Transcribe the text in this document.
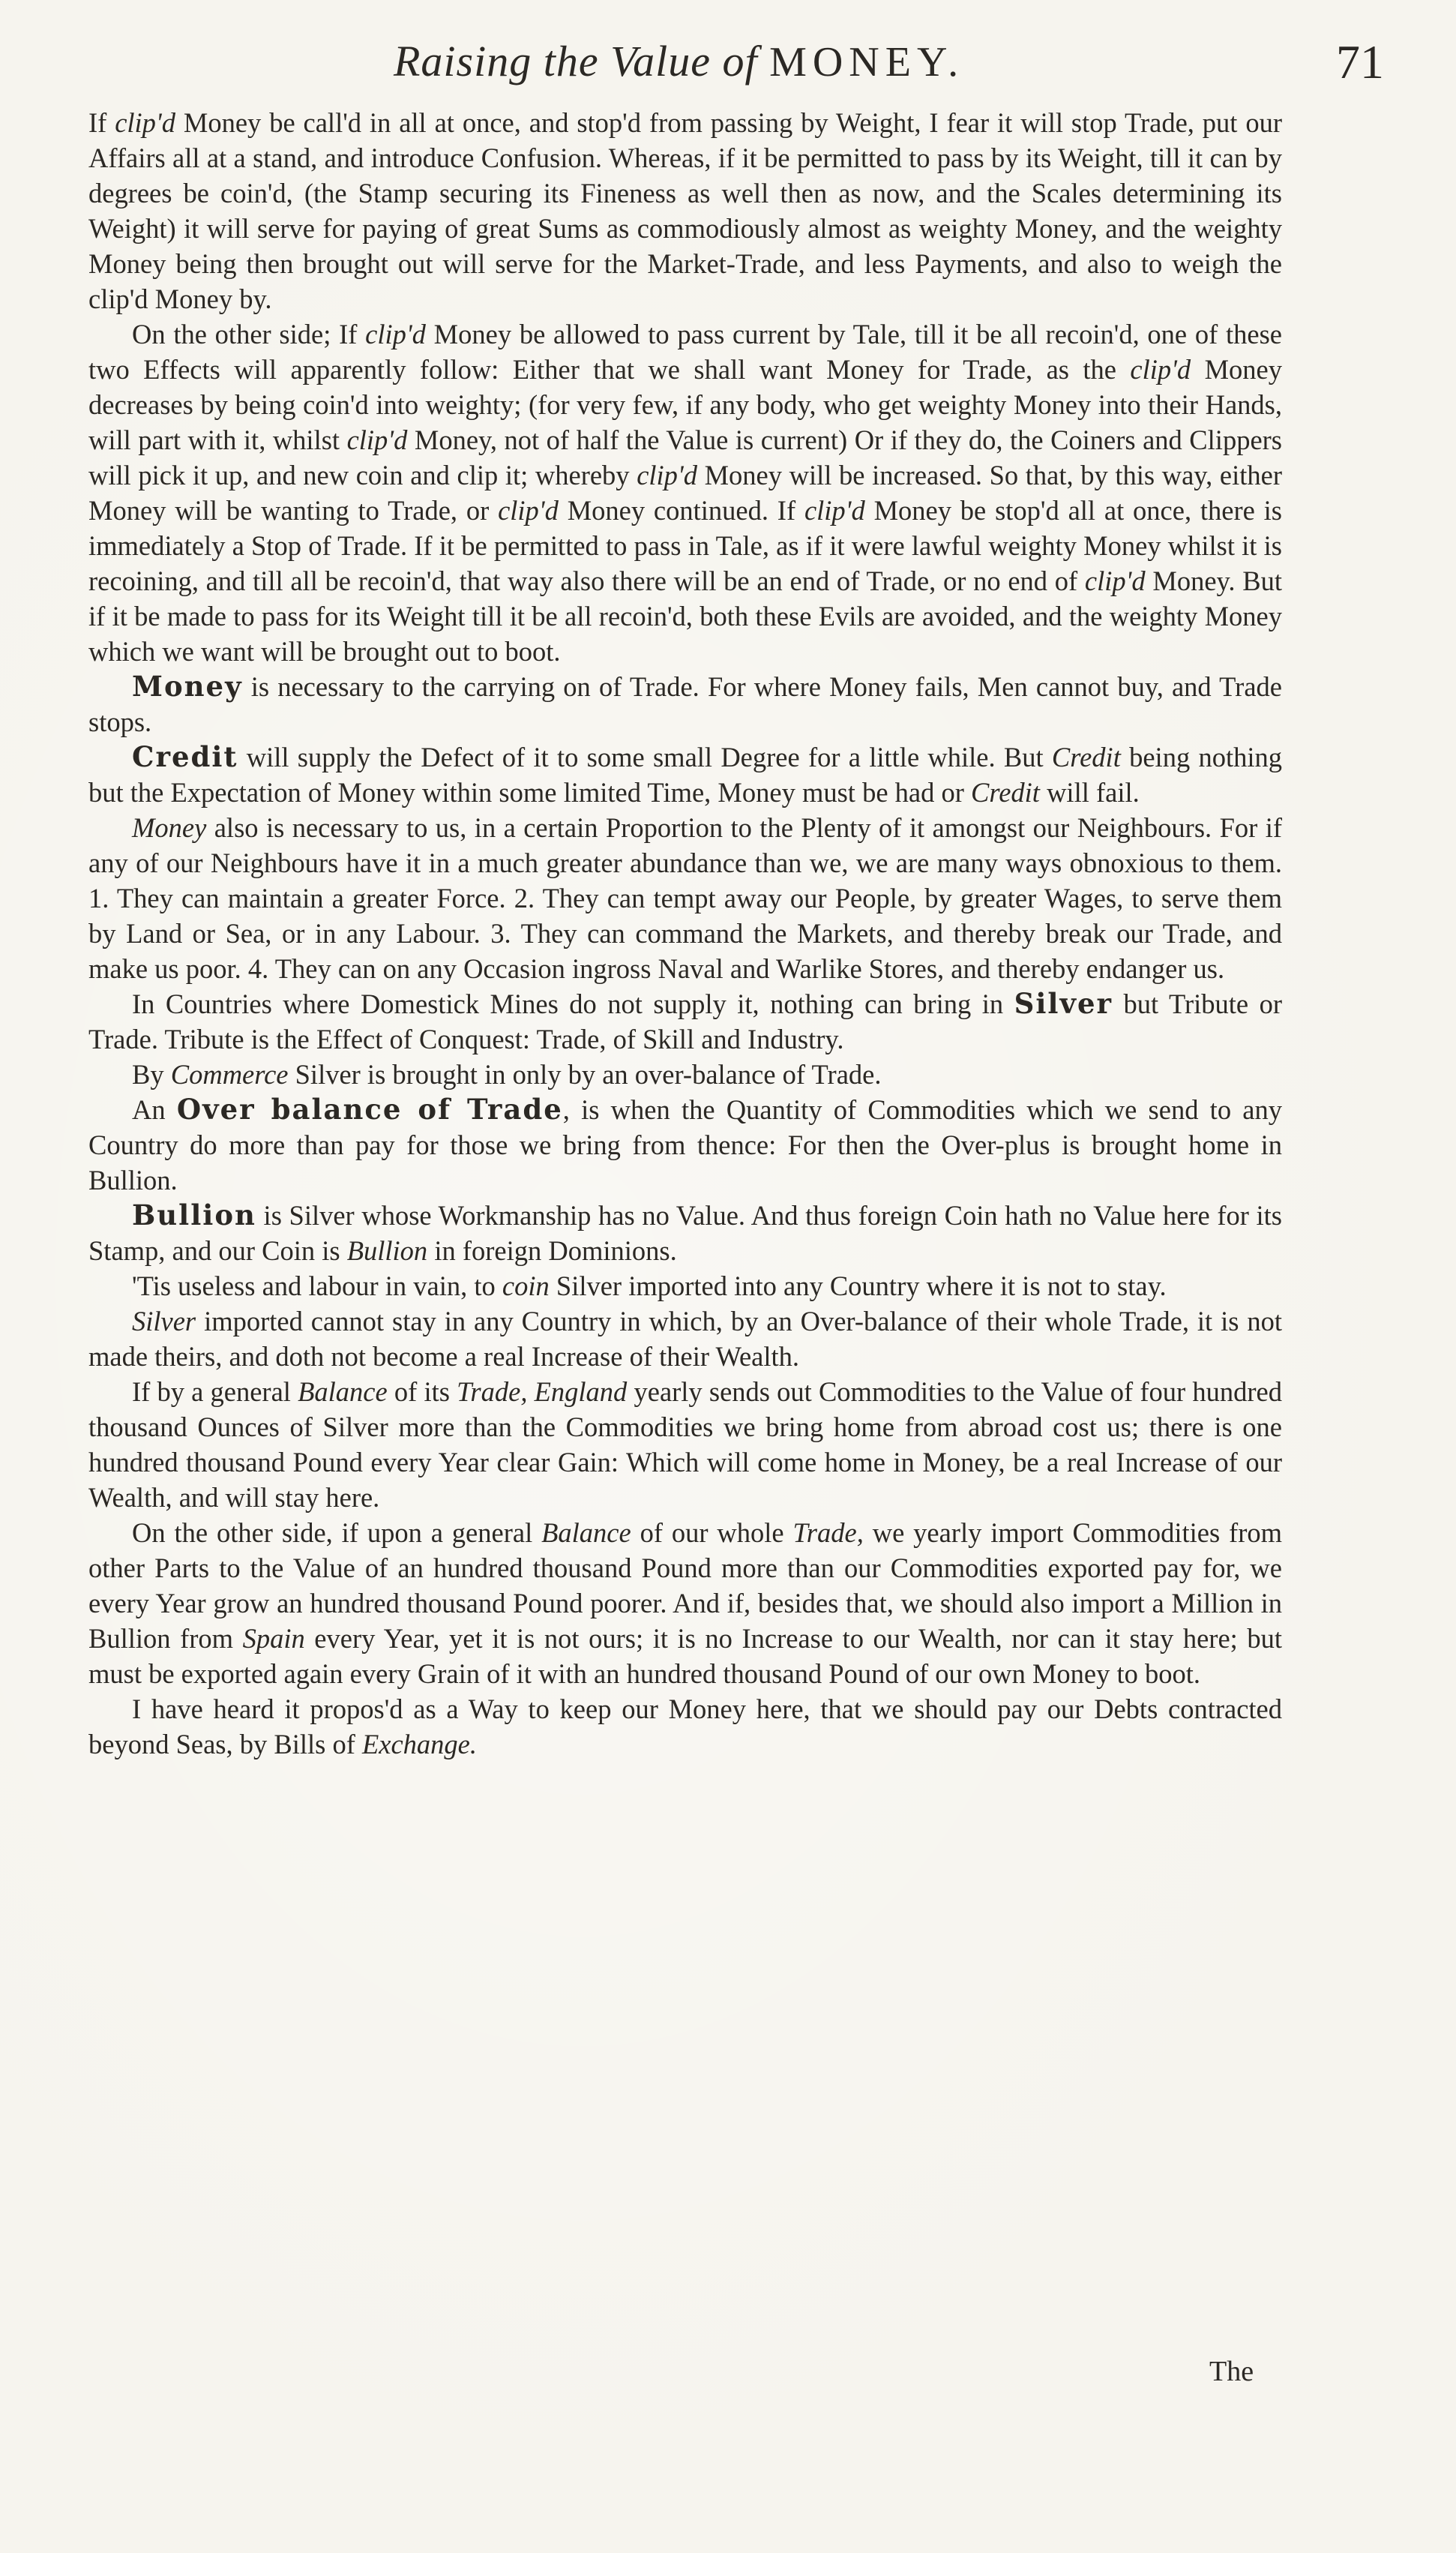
Raising the Value of MONEY.	71

If clip'd Money be call'd in all at once, and stop'd from passing by Weight, I fear it will stop Trade, put our Affairs all at a stand, and introduce Confusion. Whereas, if it be permitted to pass by its Weight, till it can by degrees be coin'd, (the Stamp securing its Fineness as well then as now, and the Scales determining its Weight) it will serve for paying of great Sums as commodiously almost as weighty Money, and the weighty Money being then brought out will serve for the Market-Trade, and less Payments, and also to weigh the clip'd Money by.

On the other side; If clip'd Money be allowed to pass current by Tale, till it be all recoin'd, one of these two Effects will apparently follow: Either that we shall want Money for Trade, as the clip'd Money decreases by being coin'd into weighty; (for very few, if any body, who get weighty Money into their Hands, will part with it, whilst clip'd Money, not of half the Value is current) Or if they do, the Coiners and Clippers will pick it up, and new coin and clip it; whereby clip'd Money will be increased. So that, by this way, either Money will be wanting to Trade, or clip'd Money continued. If clip'd Money be stop'd all at once, there is immediately a Stop of Trade. If it be permitted to pass in Tale, as if it were lawful weighty Money whilst it is recoining, and till all be recoin'd, that way also there will be an end of Trade, or no end of clip'd Money. But if it be made to pass for its Weight till it be all recoin'd, both these Evils are avoided, and the weighty Money which we want will be brought out to boot.

Money is necessary to the carrying on of Trade. For where Money fails, Men cannot buy, and Trade stops.

Credit will supply the Defect of it to some small Degree for a little while. But Credit being nothing but the Expectation of Money within some limited Time, Money must be had or Credit will fail.

Money also is necessary to us, in a certain Proportion to the Plenty of it amongst our Neighbours. For if any of our Neighbours have it in a much greater abundance than we, we are many ways obnoxious to them. 1. They can maintain a greater Force. 2. They can tempt away our People, by greater Wages, to serve them by Land or Sea, or in any Labour. 3. They can command the Markets, and thereby break our Trade, and make us poor. 4. They can on any Occasion ingross Naval and Warlike Stores, and thereby endanger us.

In Countries where Domestick Mines do not supply it, nothing can bring in Silver but Tribute or Trade. Tribute is the Effect of Conquest: Trade, of Skill and Industry.

By Commerce Silver is brought in only by an over-balance of Trade.

An Over balance of Trade, is when the Quantity of Commodities which we send to any Country do more than pay for those we bring from thence: For then the Over-plus is brought home in Bullion.

Bullion is Silver whose Workmanship has no Value. And thus foreign Coin hath no Value here for its Stamp, and our Coin is Bullion in foreign Dominions.

'Tis useless and labour in vain, to coin Silver imported into any Country where it is not to stay.

Silver imported cannot stay in any Country in which, by an Over-balance of their whole Trade, it is not made theirs, and doth not become a real Increase of their Wealth.

If by a general Balance of its Trade, England yearly sends out Commodities to the Value of four hundred thousand Ounces of Silver more than the Commodities we bring home from abroad cost us; there is one hundred thousand Pound every Year clear Gain: Which will come home in Money, be a real Increase of our Wealth, and will stay here.

On the other side, if upon a general Balance of our whole Trade, we yearly import Commodities from other Parts to the Value of an hundred thousand Pound more than our Commodities exported pay for, we every Year grow an hundred thousand Pound poorer. And if, besides that, we should also import a Million in Bullion from Spain every Year, yet it is not ours; it is no Increase to our Wealth, nor can it stay here; but must be exported again every Grain of it with an hundred thousand Pound of our own Money to boot.

I have heard it propos'd as a Way to keep our Money here, that we should pay our Debts contracted beyond Seas, by Bills of Exchange.

The
